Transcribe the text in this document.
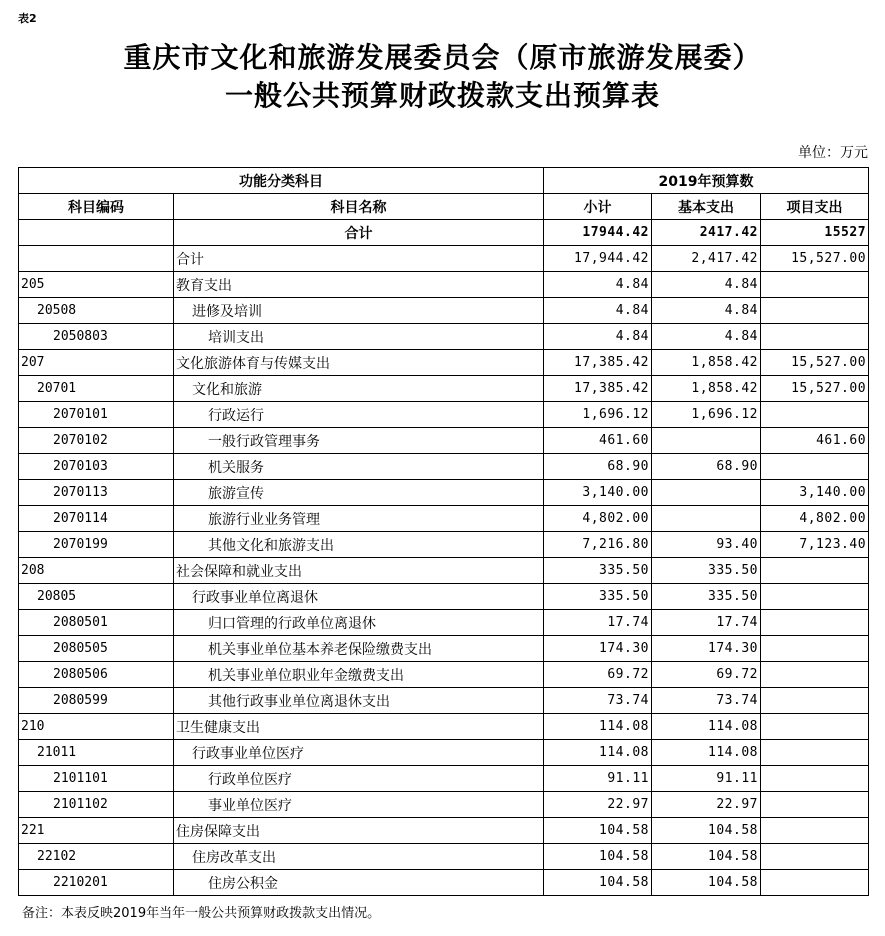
表2
重庆市文化和旅游发展委员会（原市旅游发展委）
一般公共预算财政拨款支出预算表
单位：万元
功能分类科目		2019年预算数		
科目编码	科目名称	小计	基本支出	项目支出
	合计	17944.42	2417.42	15527
	合计	17,944.42	2,417.42	15,527.00
205	教育支出	4.84	4.84	
20508	进修及培训	4.84	4.84	
2050803	培训支出	4.84	4.84	
207	文化旅游体育与传媒支出	17,385.42	1,858.42	15,527.00
20701	文化和旅游	17,385.42	1,858.42	15,527.00
2070101	行政运行	1,696.12	1,696.12	
2070102	一般行政管理事务	461.60		461.60
2070103	机关服务	68.90	68.90	
2070113	旅游宣传	3,140.00		3,140.00
2070114	旅游行业业务管理	4,802.00		4,802.00
2070199	其他文化和旅游支出	7,216.80	93.40	7,123.40
208	社会保障和就业支出	335.50	335.50	
20805	行政事业单位离退休	335.50	335.50	
2080501	归口管理的行政单位离退休	17.74	17.74	
2080505	机关事业单位基本养老保险缴费支出	174.30	174.30	
2080506	机关事业单位职业年金缴费支出	69.72	69.72	
2080599	其他行政事业单位离退休支出	73.74	73.74	
210	卫生健康支出	114.08	114.08	
21011	行政事业单位医疗	114.08	114.08	
2101101	行政单位医疗	91.11	91.11	
2101102	事业单位医疗	22.97	22.97	
221	住房保障支出	104.58	104.58	
22102	住房改革支出	104.58	104.58	
2210201	住房公积金	104.58	104.58	
备注：本表反映2019年当年一般公共预算财政拨款支出情况。
